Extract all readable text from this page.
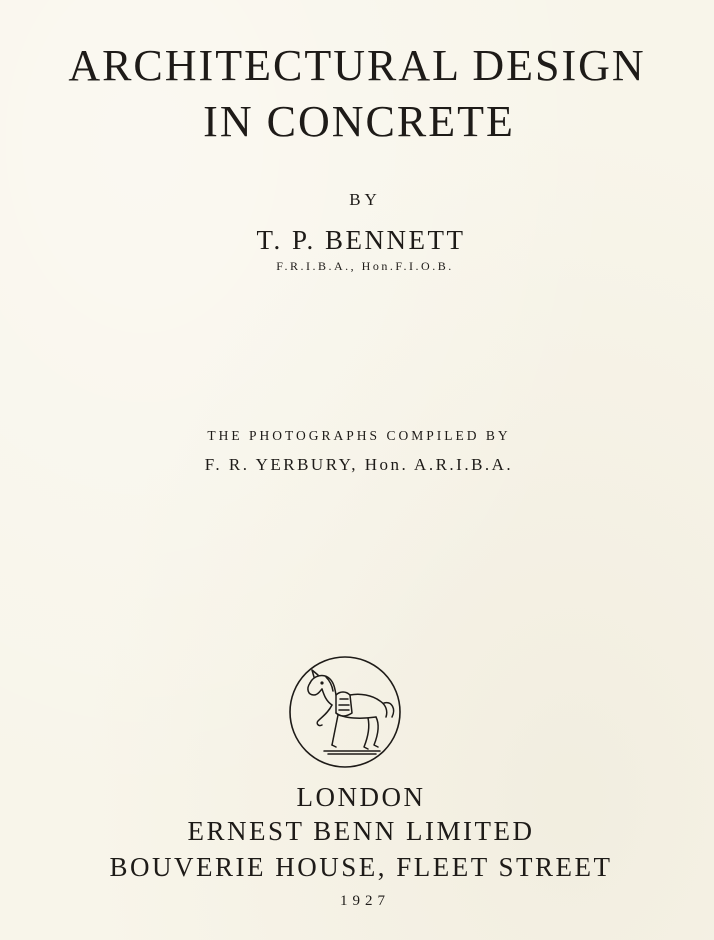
ARCHITECTURAL DESIGN
IN CONCRETE

BY

T. P. BENNETT

F.R.I.B.A., Hon.F.I.O.B.

THE PHOTOGRAPHS COMPILED BY

F. R. YERBURY, Hon. A.R.I.B.A.

LONDON

ERNEST BENN LIMITED

BOUVERIE HOUSE, FLEET STREET

1927
